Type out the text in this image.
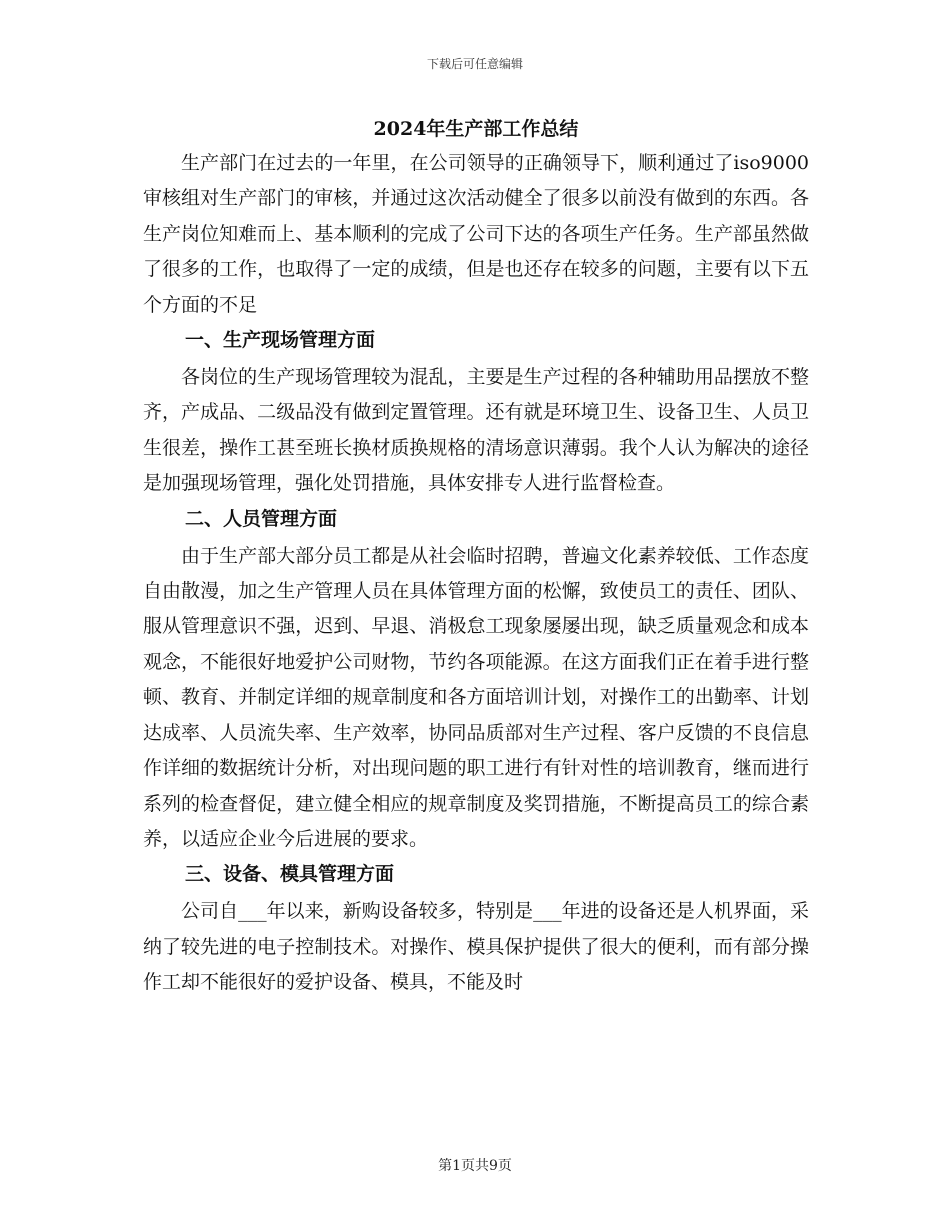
下载后可任意编辑
2024年生产部工作总结

生产部门在过去的一年里，在公司领导的正确领导下，顺利通过了iso9000审核组对生产部门的审核，并通过这次活动健全了很多以前没有做到的东西。各生产岗位知难而上、基本顺利的完成了公司下达的各项生产任务。生产部虽然做了很多的工作，也取得了一定的成绩，但是也还存在较多的问题，主要有以下五个方面的不足

一、生产现场管理方面

各岗位的生产现场管理较为混乱，主要是生产过程的各种辅助用品摆放不整齐，产成品、二级品没有做到定置管理。还有就是环境卫生、设备卫生、人员卫生很差，操作工甚至班长换材质换规格的清场意识薄弱。我个人认为解决的途径是加强现场管理，强化处罚措施，具体安排专人进行监督检查。

二、人员管理方面

由于生产部大部分员工都是从社会临时招聘，普遍文化素养较低、工作态度自由散漫，加之生产管理人员在具体管理方面的松懈，致使员工的责任、团队、服从管理意识不强，迟到、早退、消极怠工现象屡屡出现，缺乏质量观念和成本观念，不能很好地爱护公司财物，节约各项能源。在这方面我们正在着手进行整顿、教育、并制定详细的规章制度和各方面培训计划，对操作工的出勤率、计划达成率、人员流失率、生产效率，协同品质部对生产过程、客户反馈的不良信息作详细的数据统计分析，对出现问题的职工进行有针对性的培训教育，继而进行系列的检查督促，建立健全相应的规章制度及奖罚措施，不断提高员工的综合素养，以适应企业今后进展的要求。

三、设备、模具管理方面

公司自___年以来，新购设备较多，特别是___年进的设备还是人机界面，采纳了较先进的电子控制技术。对操作、模具保护提供了很大的便利，而有部分操作工却不能很好的爱护设备、模具，不能及时

第1页共9页
